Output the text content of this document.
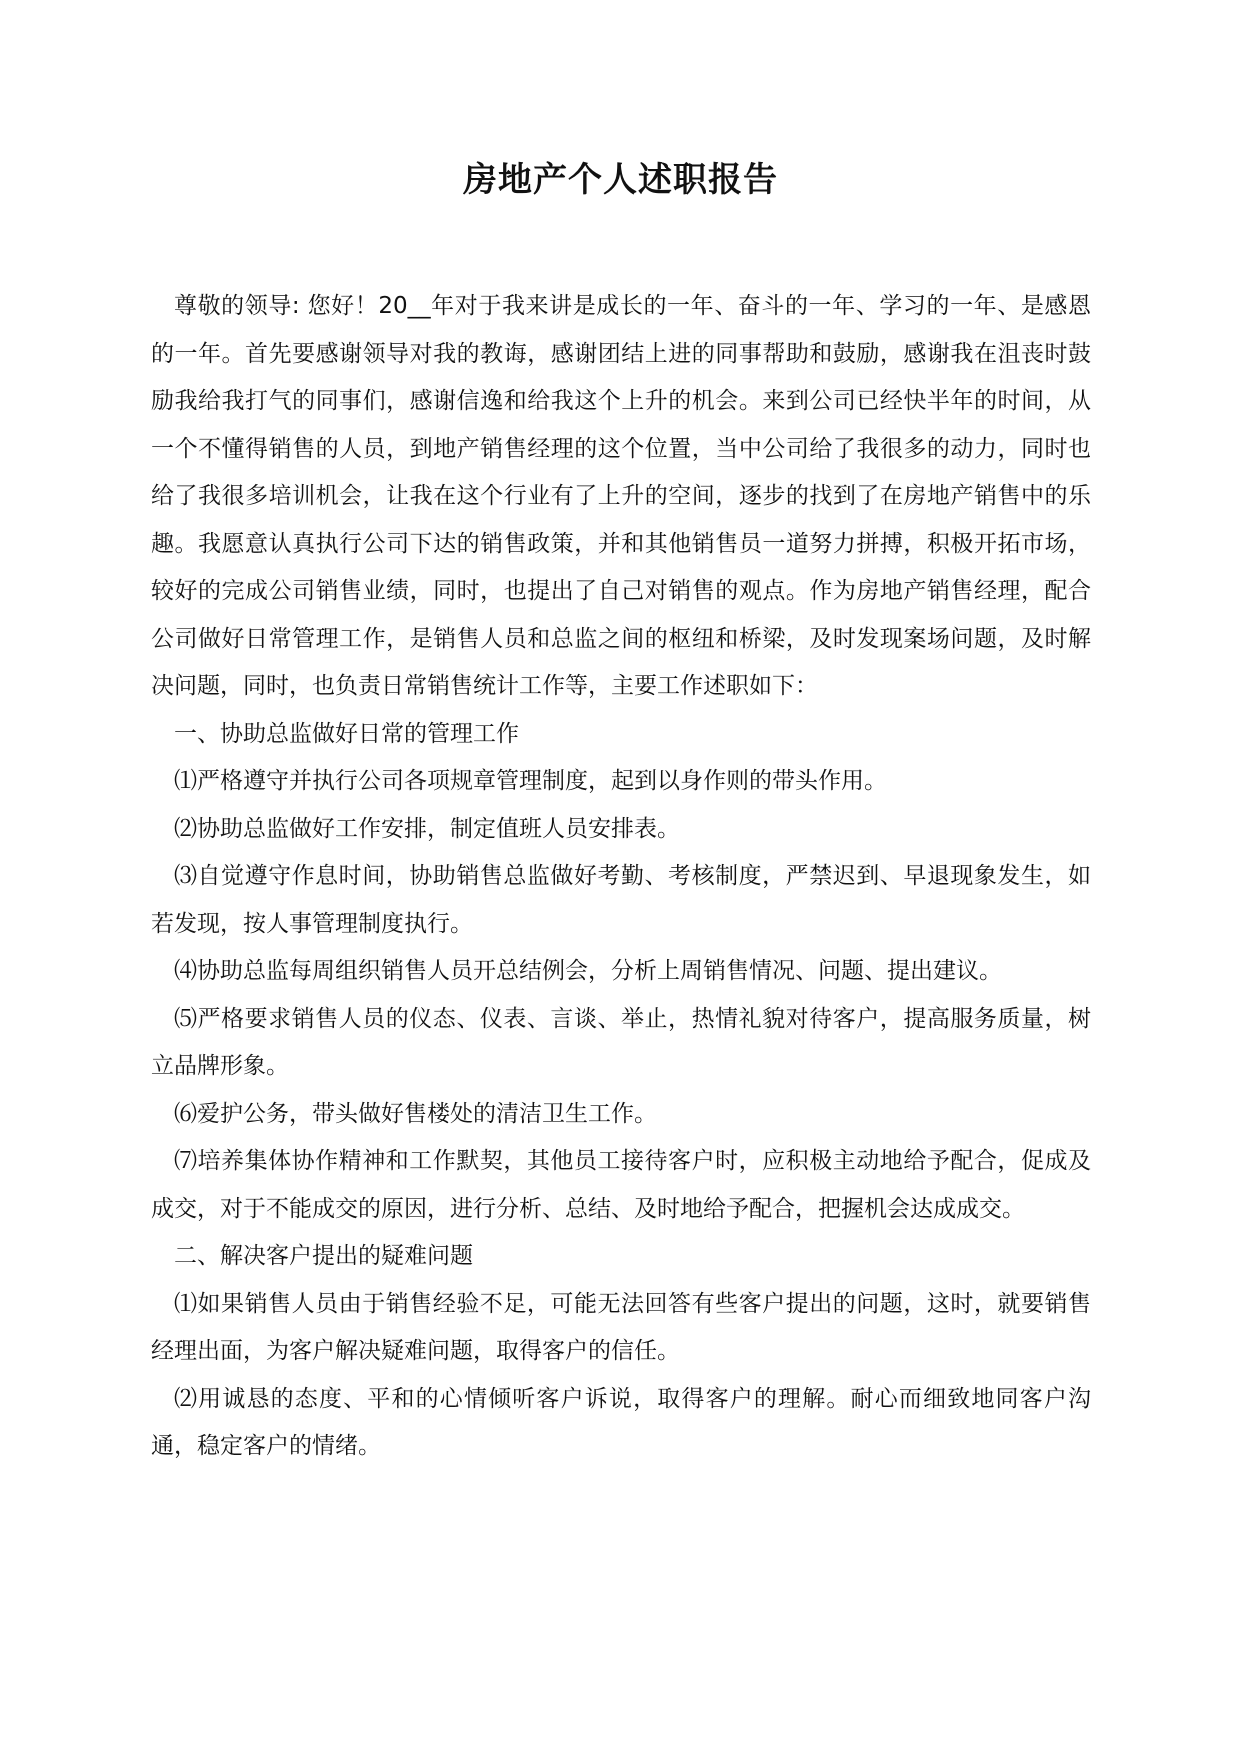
房地产个人述职报告

尊敬的领导: 您好！20__年对于我来讲是成长的一年、奋斗的一年、学习的一年、是感恩的一年。首先要感谢领导对我的教诲，感谢团结上进的同事帮助和鼓励，感谢我在沮丧时鼓励我给我打气的同事们，感谢信逸和给我这个上升的机会。来到公司已经快半年的时间，从一个不懂得销售的人员，到地产销售经理的这个位置，当中公司给了我很多的动力，同时也给了我很多培训机会，让我在这个行业有了上升的空间，逐步的找到了在房地产销售中的乐趣。我愿意认真执行公司下达的销售政策，并和其他销售员一道努力拼搏，积极开拓市场，较好的完成公司销售业绩，同时，也提出了自己对销售的观点。作为房地产销售经理，配合公司做好日常管理工作，是销售人员和总监之间的枢纽和桥梁，及时发现案场问题，及时解决问题，同时，也负责日常销售统计工作等，主要工作述职如下：

一、协助总监做好日常的管理工作

⑴严格遵守并执行公司各项规章管理制度，起到以身作则的带头作用。

⑵协助总监做好工作安排，制定值班人员安排表。

⑶自觉遵守作息时间，协助销售总监做好考勤、考核制度，严禁迟到、早退现象发生，如若发现，按人事管理制度执行。

⑷协助总监每周组织销售人员开总结例会，分析上周销售情况、问题、提出建议。

⑸严格要求销售人员的仪态、仪表、言谈、举止，热情礼貌对待客户，提高服务质量，树立品牌形象。

⑹爱护公务，带头做好售楼处的清洁卫生工作。

⑺培养集体协作精神和工作默契，其他员工接待客户时，应积极主动地给予配合，促成及成交，对于不能成交的原因，进行分析、总结、及时地给予配合，把握机会达成成交。

二、解决客户提出的疑难问题

⑴如果销售人员由于销售经验不足，可能无法回答有些客户提出的问题，这时，就要销售经理出面，为客户解决疑难问题，取得客户的信任。

⑵用诚恳的态度、平和的心情倾听客户诉说，取得客户的理解。耐心而细致地同客户沟通，稳定客户的情绪。
